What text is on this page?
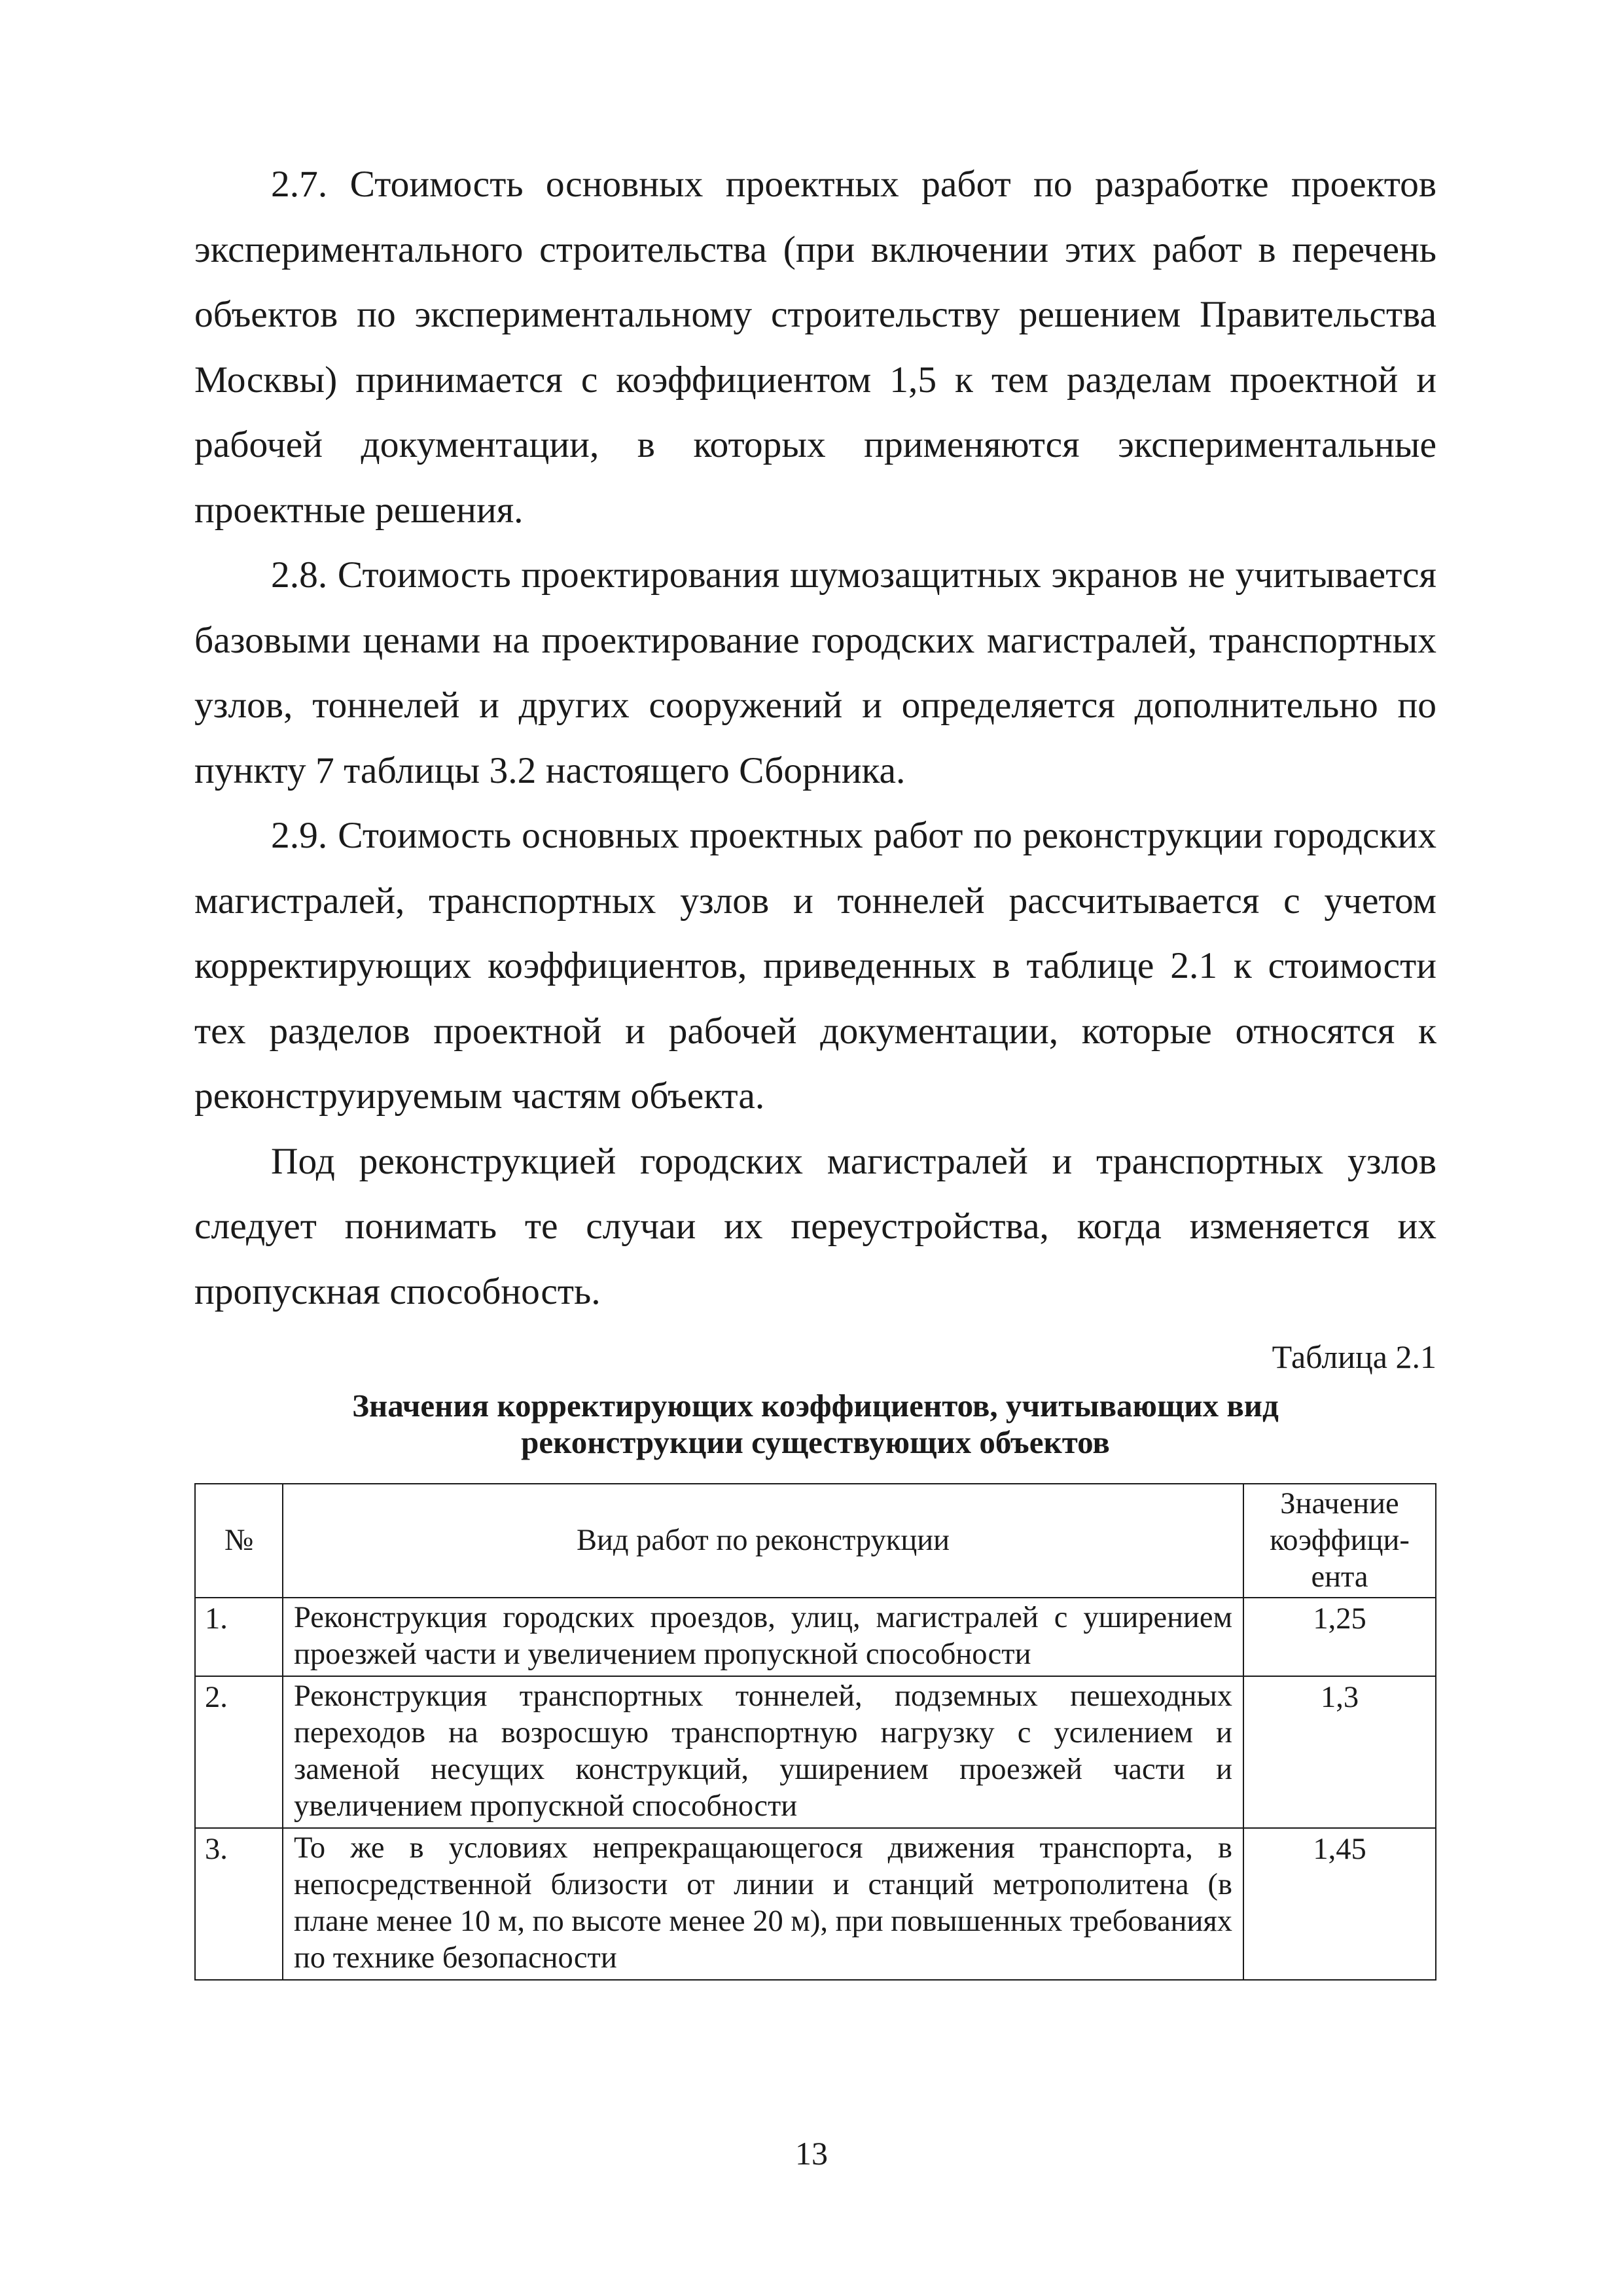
2.7. Стоимость основных проектных работ по разработке проектов экспериментального строительства (при включении этих работ в перечень объектов по экспериментальному строительству решением Правительства Москвы) принимается с коэффициентом 1,5 к тем разделам проектной и рабочей документации, в которых применяются экспериментальные проектные решения.

2.8. Стоимость проектирования шумозащитных экранов не учитывается базовыми ценами на проектирование городских магистралей, транспортных узлов, тоннелей и других сооружений и определяется дополнительно по пункту 7 таблицы 3.2 настоящего Сборника.

2.9. Стоимость основных проектных работ по реконструкции городских магистралей, транспортных узлов и тоннелей рассчитывается с учетом корректирующих коэффициентов, приведенных в таблице 2.1 к стоимости тех разделов проектной и рабочей документации, которые относятся к реконструируемым частям объекта.

Под реконструкцией городских магистралей и транспортных узлов следует понимать те случаи их переустройства, когда изменяется их пропускная способность.

Таблица 2.1
Значения корректирующих коэффициентов, учитывающих вид
реконструкции существующих объектов
№	Вид работ по реконструкции	Значение
коэффици-
ента

1.	Реконструкция городских проездов, улиц, магистралей с уширением проезжей части и увеличением пропускной способности	1,25
2.	Реконструкция транспортных тоннелей, подземных пешеходных переходов на возросшую транспортную нагрузку с усилением и заменой несущих конструкций, уширением проезжей части и увеличением пропускной способности	1,3
3.	То же в условиях непрекращающегося движения транспорта, в непосредственной близости от линии и станций метрополитена (в плане менее 10 м, по высоте менее 20 м), при повышенных требованиях по технике безопасности	1,45
13
